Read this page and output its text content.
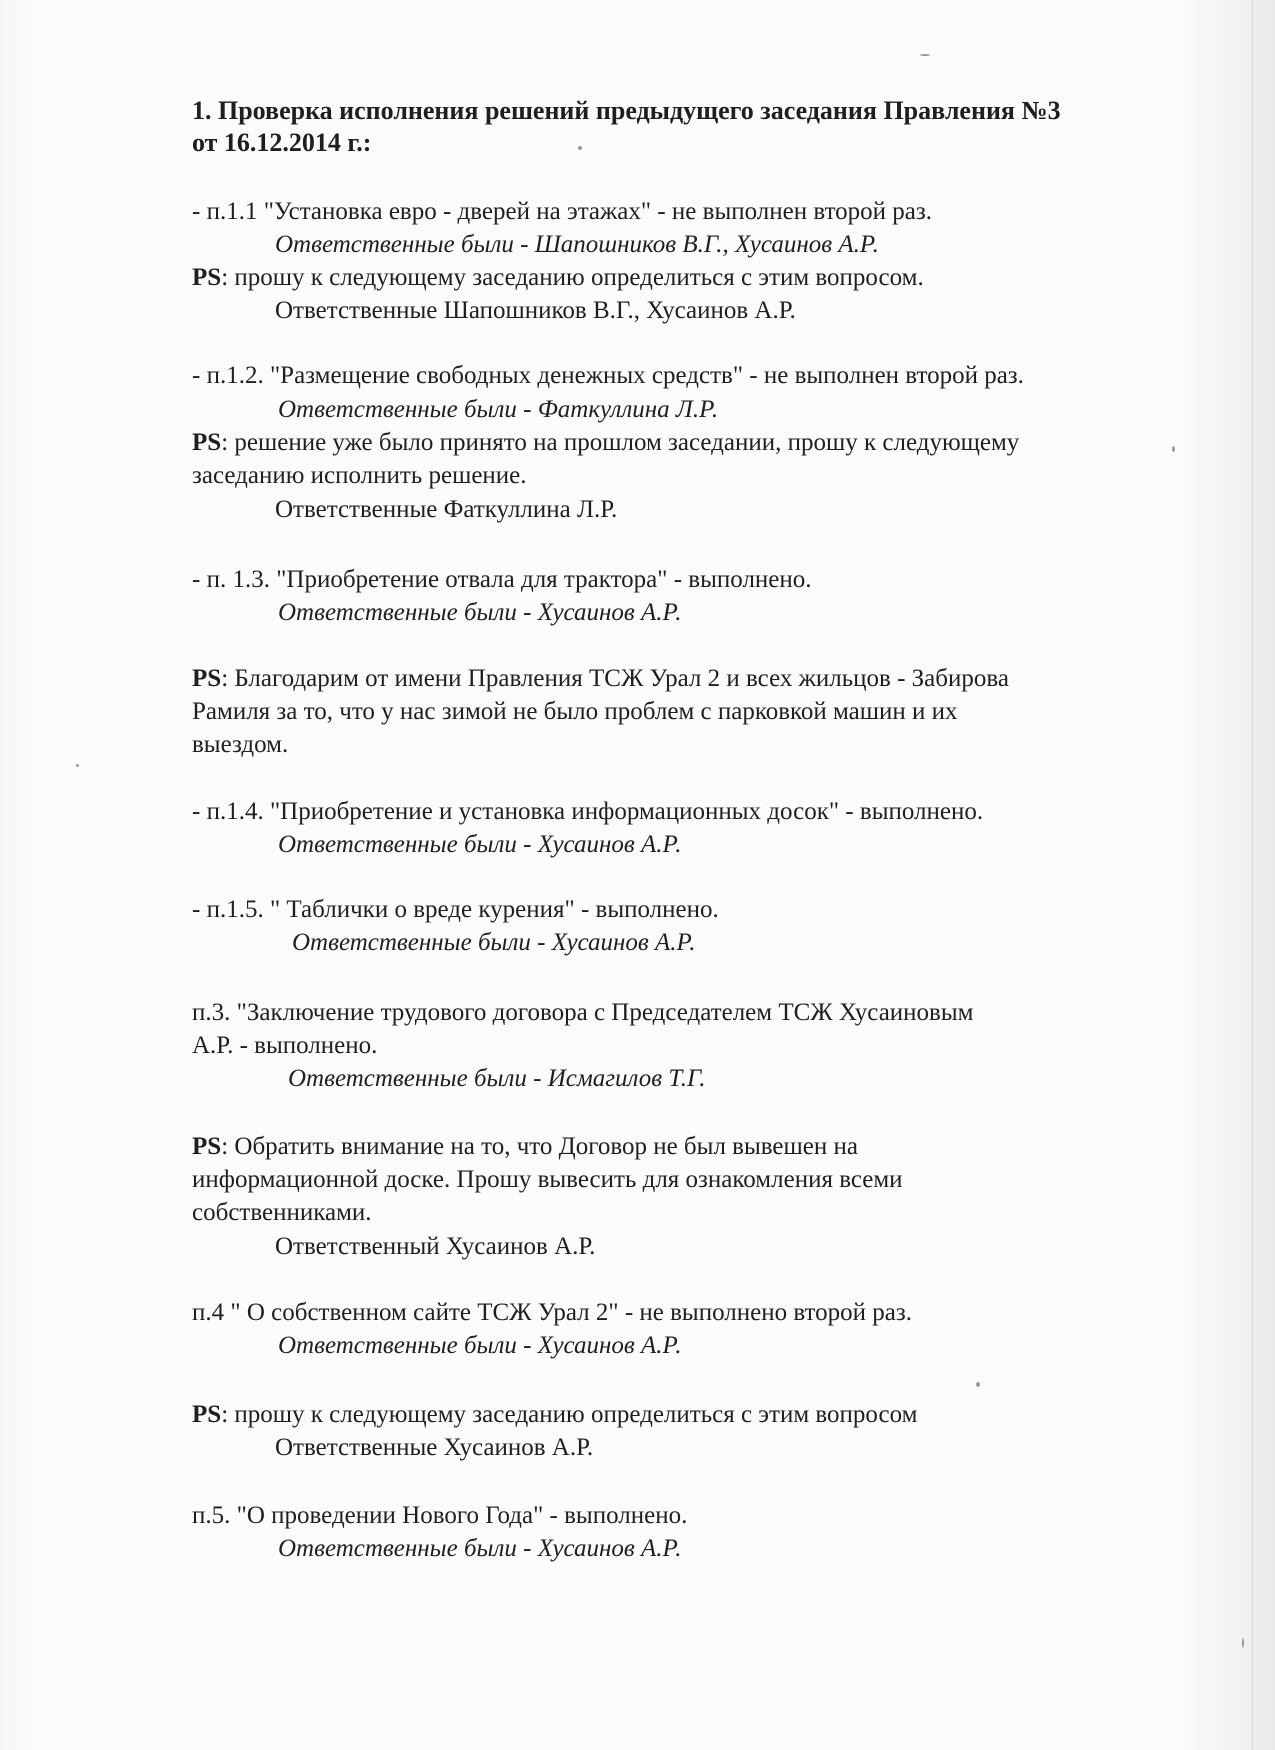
1. Проверка исполнения решений предыдущего заседания Правления №3
от 16.12.2014 г.:
- п.1.1 "Установка евро - дверей на этажах" - не выполнен второй раз.
Ответственные были - Шапошников В.Г., Хусаинов А.Р.
PS: прошу к следующему заседанию определиться с этим вопросом.
Ответственные Шапошников В.Г., Хусаинов А.Р.
- п.1.2. "Размещение свободных денежных средств" - не выполнен второй раз.
Ответственные были - Фаткуллина Л.Р.
PS: решение уже было принято на прошлом заседании, прошу к следующему
заседанию исполнить решение.
Ответственные Фаткуллина Л.Р.
- п. 1.3. "Приобретение отвала для трактора" - выполнено.
Ответственные были - Хусаинов А.Р.
PS: Благодарим от имени Правления ТСЖ Урал 2 и всех жильцов - Забирова
Рамиля за то, что у нас зимой не было проблем с парковкой машин и их
выездом.
- п.1.4. "Приобретение и установка информационных досок" - выполнено.
Ответственные были - Хусаинов А.Р.
- п.1.5. " Таблички о вреде курения" - выполнено.
Ответственные были - Хусаинов А.Р.
п.3. "Заключение трудового договора с Председателем ТСЖ Хусаиновым
А.Р. - выполнено.
Ответственные были - Исмагилов Т.Г.
PS: Обратить внимание на то, что Договор не был вывешен на
информационной доске. Прошу вывесить для ознакомления всеми
собственниками.
Ответственный Хусаинов А.Р.
п.4 " О собственном сайте ТСЖ Урал 2" - не выполнено второй раз.
Ответственные были - Хусаинов А.Р.
PS: прошу к следующему заседанию определиться с этим вопросом
Ответственные Хусаинов А.Р.
п.5. "О проведении Нового Года" - выполнено.
Ответственные были - Хусаинов А.Р.
